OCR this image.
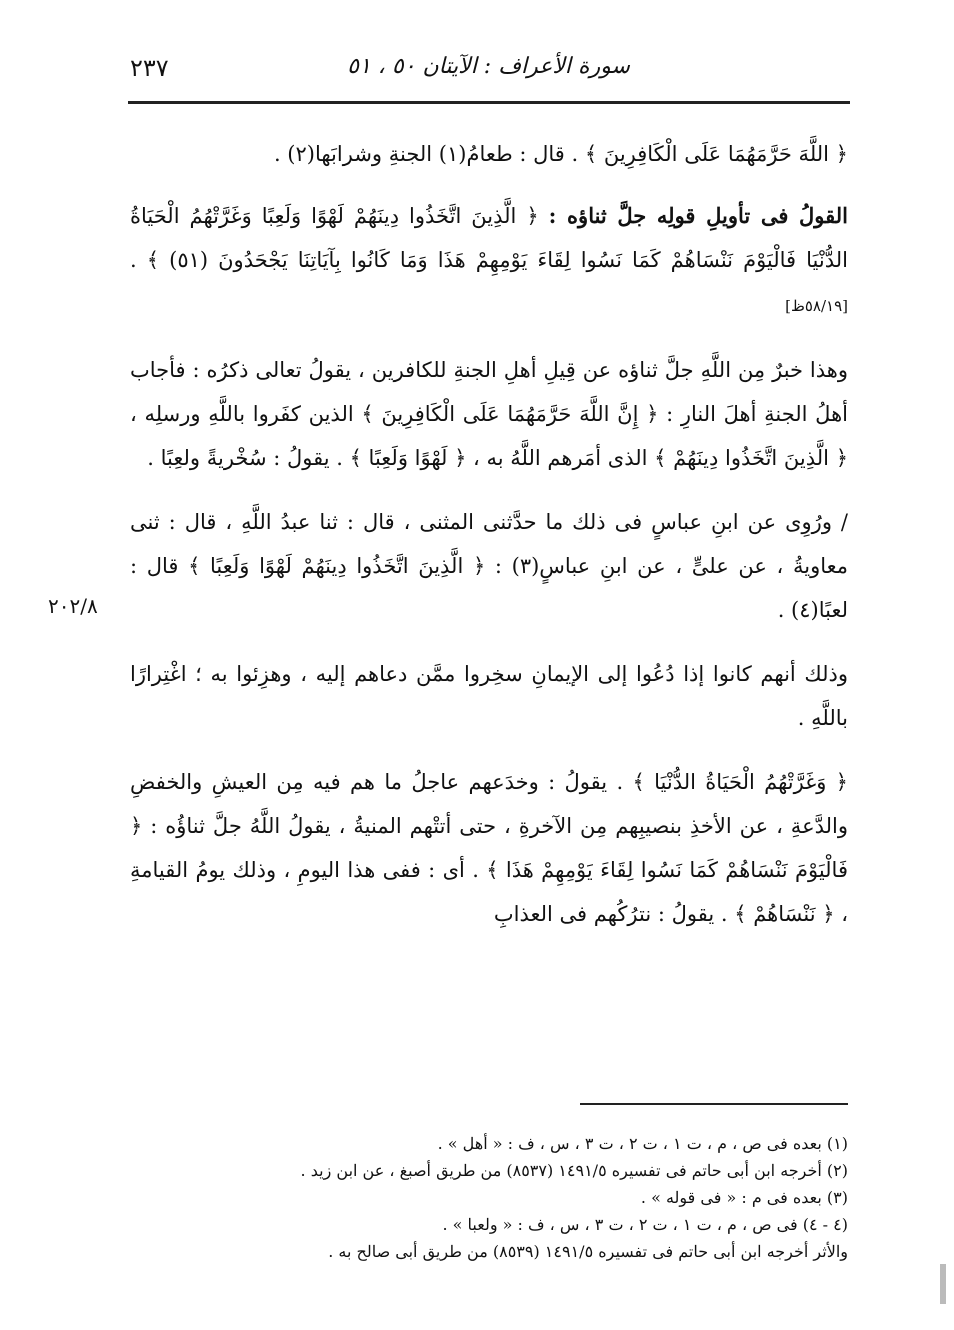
٢٣٧	سورة الأعراف : الآيتان ٥٠ ، ٥١

﴿ اللَّهَ حَرَّمَهُمَا عَلَى الْكَافِرِينَ ﴾ . قال : طعامُ(١) الجنةِ وشرابَها(٢) .

القولُ فى تأويلِ قولِه جلَّ ثناؤه : ﴿ الَّذِينَ اتَّخَذُوا دِينَهُمْ لَهْوًا وَلَعِبًا وَغَرَّتْهُمُ الْحَيَاةُ الدُّنْيَا فَالْيَوْمَ نَنْسَاهُمْ كَمَا نَسُوا لِقَاءَ يَوْمِهِمْ هَذَا وَمَا كَانُوا بِآيَاتِنَا يَجْحَدُونَ (٥١) ﴾ . [٥٨/١٩ظ]

وهذا خبرٌ مِن اللَّهِ جلَّ ثناؤه عن قِيلِ أهلِ الجنةِ للكافرين ، يقولُ تعالى ذكرُه : فأجاب أهلُ الجنةِ أهلَ النارِ : ﴿ إِنَّ اللَّهَ حَرَّمَهُمَا عَلَى الْكَافِرِينَ ﴾ الذين كفَروا باللَّهِ ورسلِه ، ﴿ الَّذِينَ اتَّخَذُوا دِينَهُمْ ﴾ الذى أمَرهم اللَّهُ به ، ﴿ لَهْوًا وَلَعِبًا ﴾ . يقولُ : سُخْريةً ولعِبًا .

/ ورُوِى عن ابنِ عباسٍ فى ذلك ما حدَّثنى المثنى ، قال : ثنا عبدُ اللَّهِ ، قال : ثنى معاويةُ ، عن علىٍّ ، عن ابنِ عباسٍ(٣) : ﴿ الَّذِينَ اتَّخَذُوا دِينَهُمْ لَهْوًا وَلَعِبًا ﴾ قال : لعبًا(٤) .

وذلك أنهم كانوا إذا دُعُوا إلى الإيمانِ سخِروا ممَّن دعاهم إليه ، وهزِئوا به ؛ اغْتِرارًا باللَّهِ .

﴿ وَغَرَّتْهُمُ الْحَيَاةُ الدُّنْيَا ﴾ . يقولُ : وخدَعهم عاجلُ ما هم فيه مِن العيشِ والخفضِ والدَّعةِ ، عن الأخذِ بنصيبِهم مِن الآخرةِ ، حتى أتتْهم المنيةُ ، يقولُ اللَّهُ جلَّ ثناؤُه : ﴿ فَالْيَوْمَ نَنْسَاهُمْ كَمَا نَسُوا لِقَاءَ يَوْمِهِمْ هَذَا ﴾ . أى : ففى هذا اليومِ ، وذلك يومُ القيامةِ ، ﴿ نَنْسَاهُمْ ﴾ . يقولُ : نترُكُهم فى العذابِ

٢٠٢/٨
(١) بعده فى ص ، م ، ت ١ ، ت ٢ ، ت ٣ ، س ، ف : « أهل » .
(٢) أخرجه ابن أبى حاتم فى تفسيره ١٤٩١/٥ (٨٥٣٧) من طريق أصبغ ، عن ابن زيد .
(٣) بعده فى م : « فى قوله » .
(٤ - ٤) فى ص ، م ، ت ١ ، ت ٢ ، ت ٣ ، س ، ف : « ولعبا » .
والأثر أخرجه ابن أبى حاتم فى تفسيره ١٤٩١/٥ (٨٥٣٩) من طريق أبى صالح به .
